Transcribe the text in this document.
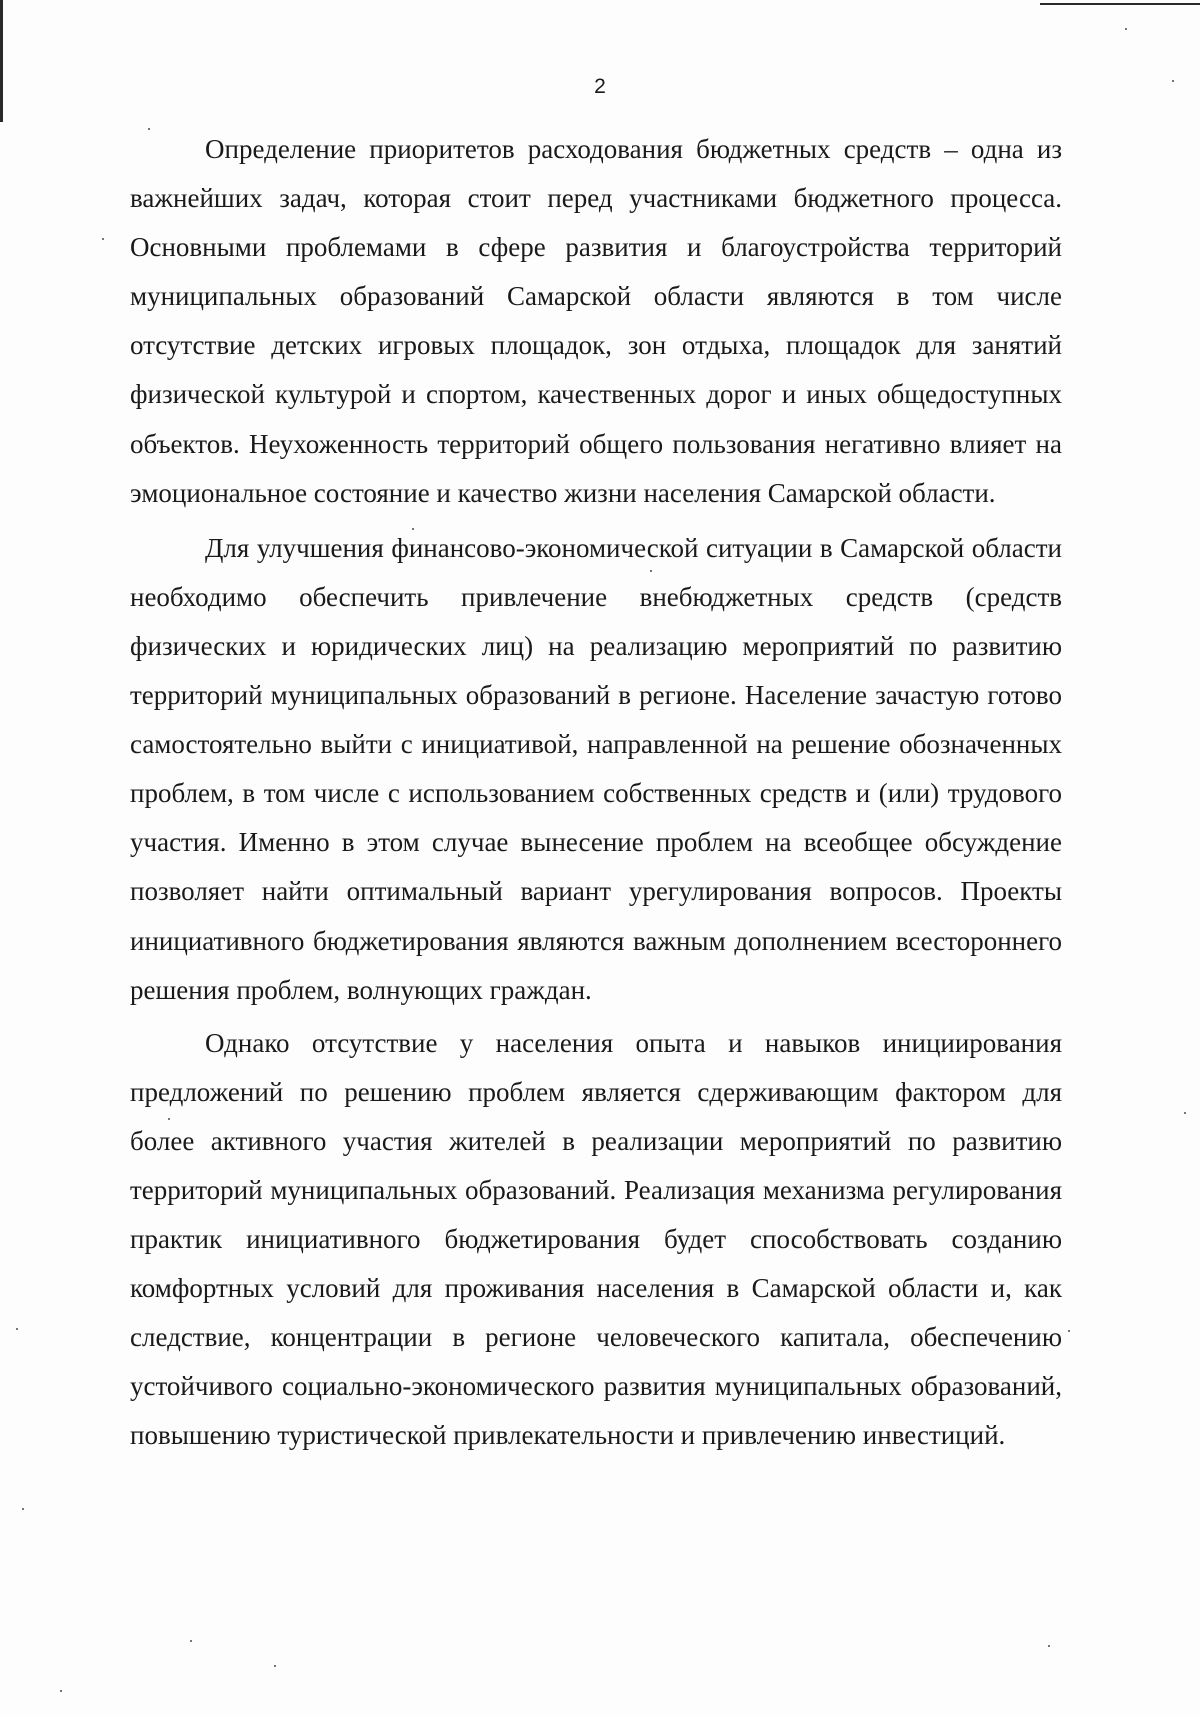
2

Определение приоритетов расходования бюджетных средств – одна из важнейших задач, которая стоит перед участниками бюджетного процесса. Основными проблемами в сфере развития и благоустройства территорий муниципальных образований Самарской области являются в том числе отсутствие детских игровых площадок, зон отдыха, площадок для занятий физической культурой и спортом, качественных дорог и иных общедоступных объектов. Неухоженность территорий общего пользования негативно влияет на эмоциональное состояние и качество жизни населения Самарской области.

Для улучшения финансово-экономической ситуации в Самарской области необходимо обеспечить привлечение внебюджетных средств (средств физических и юридических лиц) на реализацию мероприятий по развитию территорий муниципальных образований в регионе. Население зачастую готово самостоятельно выйти с инициативой, направленной на решение обозначенных проблем, в том числе с использованием собственных средств и (или) трудового участия. Именно в этом случае вынесение проблем на всеобщее обсуждение позволяет найти оптимальный вариант урегулирования вопросов. Проекты инициативного бюджетирования являются важным дополнением всестороннего решения проблем, волнующих граждан.

Однако отсутствие у населения опыта и навыков инициирования предложений по решению проблем является сдерживающим фактором для более активного участия жителей в реализации мероприятий по развитию территорий муниципальных образований. Реализация механизма регулирования практик инициативного бюджетирования будет способствовать созданию комфортных условий для проживания населения в Самарской области и, как следствие, концентрации в регионе человеческого капитала, обеспечению устойчивого социально-экономического развития муниципальных образований, повышению туристической привлекательности и привлечению инвестиций.
